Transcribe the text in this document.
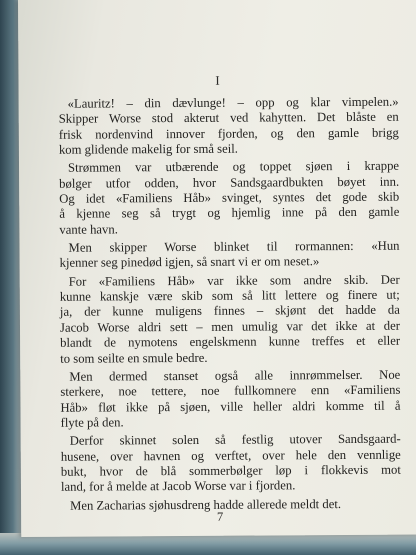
I

«Lauritz! – din dævlunge! – opp og klar vimpelen.»
Skipper Worse stod akterut ved kahytten. Det blåste en
frisk nordenvind innover fjorden, og den gamle brigg
kom glidende makelig for små seil.

Strømmen var utbærende og toppet sjøen i krappe
bølger utfor odden, hvor Sandsgaardbukten bøyet inn.
Og idet «Familiens Håb» svinget, syntes det gode skib
å kjenne seg så trygt og hjemlig inne på den gamle
vante havn.

Men skipper Worse blinket til rormannen: «Hun
kjenner seg pinedød igjen, så snart vi er om neset.»

For «Familiens Håb» var ikke som andre skib. Der
kunne kanskje være skib som så litt lettere og finere ut;
ja, der kunne muligens finnes – skjønt det hadde da
Jacob Worse aldri sett – men umulig var det ikke at der
blandt de nymotens engelskmenn kunne treffes et eller
to som seilte en smule bedre.

Men dermed stanset også alle innrømmelser. Noe
sterkere, noe tettere, noe fullkomnere enn «Familiens
Håb» fløt ikke på sjøen, ville heller aldri komme til å
flyte på den.

Derfor skinnet solen så festlig utover Sandsgaard-
husene, over havnen og verftet, over hele den vennlige
bukt, hvor de blå sommerbølger løp i flokkevis mot
land, for å melde at Jacob Worse var i fjorden.

Men Zacharias sjøhusdreng hadde allerede meldt det.

7
